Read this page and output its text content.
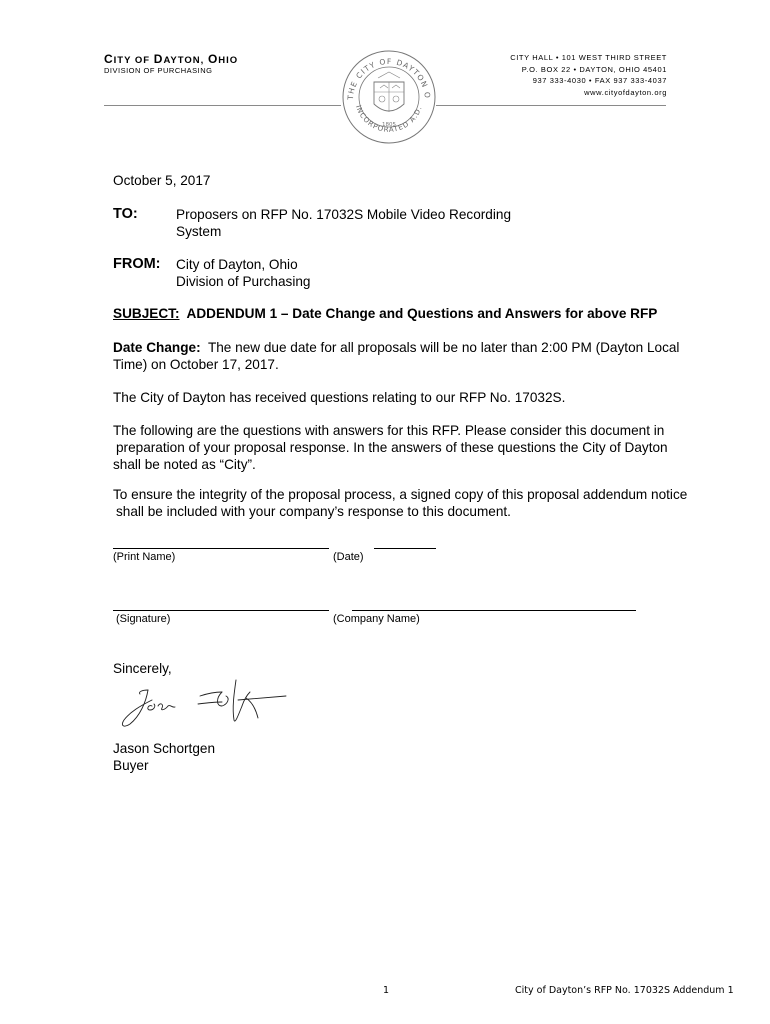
CITY OF DAYTON, OHIO
DIVISION OF PURCHASING
CITY HALL • 101 WEST THIRD STREET
P.O. BOX 22 • DAYTON, OHIO 45401
937 333-4030 • FAX 937 333-4037
www.cityofdayton.org
THE CITY OF DAYTON O
INCORPORATED A.D.
1805
October 5, 2017
TO:	Proposers on RFP No. 17032S Mobile Video Recording
System
FROM: City of Dayton, Ohio
Division of Purchasing
SUBJECT: ADDENDUM 1 – Date Change and Questions and Answers for above RFP
Date Change: The new due date for all proposals will be no later than 2:00 PM (Dayton Local
Time) on October 17, 2017.
The City of Dayton has received questions relating to our RFP No. 17032S.
The following are the questions with answers for this RFP. Please consider this document in
preparation of your proposal response. In the answers of these questions the City of Dayton
shall be noted as “City”.
To ensure the integrity of the proposal process, a signed copy of this proposal addendum notice
shall be included with your company’s response to this document.
(Print Name)	(Date)
(Signature)	(Company Name)
Sincerely,
Jason Schortgen
Buyer
1	City of Dayton’s RFP No. 17032S Addendum 1
